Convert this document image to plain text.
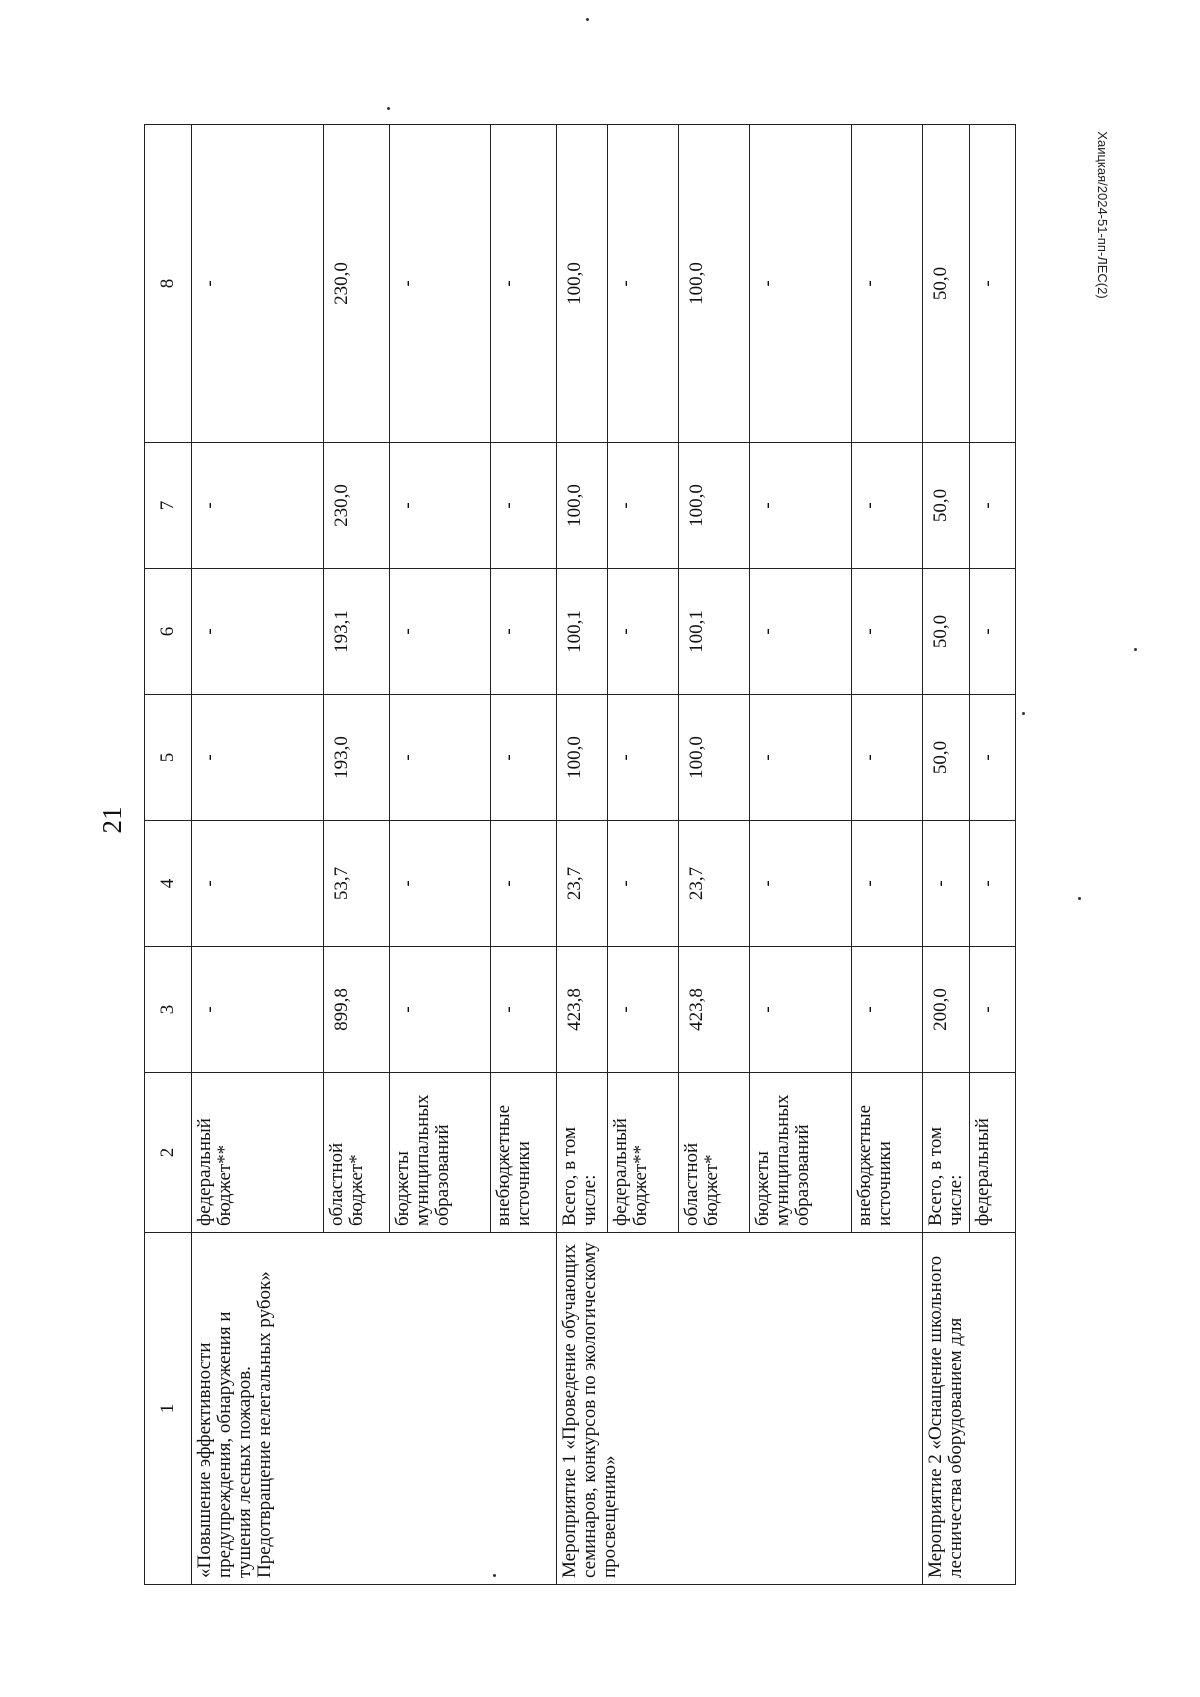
21
Хаицкая/2024-51-пп-ЛЕС(2)
1	2	3	4	5	6	7	8
«Повышение эффективности предупреждения, обнаружения и тушения лесных пожаров. Предотвращение нелегальных рубок»	федеральный бюджет**	-	-	-	-	-	-
	областной бюджет*	899,8	53,7	193,0	193,1	230,0	230,0
	бюджеты муниципальных образований	-	-	-	-	-	-
	внебюджетные источники	-	-	-	-	-	-
Мероприятие 1 «Проведение обучающих семинаров, конкурсов по экологическому просвещению»	Всего, в том числе:	423,8	23,7	100,0	100,1	100,0	100,0
	федеральный бюджет**	-	-	-	-	-	-
	областной бюджет*	423,8	23,7	100,0	100,1	100,0	100,0
	бюджеты муниципальных образований	-	-	-	-	-	-
	внебюджетные источники	-	-	-	-	-	-
Мероприятие 2 «Оснащение школьного лесничества оборудованием для	Всего, в том числе:	200,0	-	50,0	50,0	50,0	50,0
	федеральный	-	-	-	-	-	-
